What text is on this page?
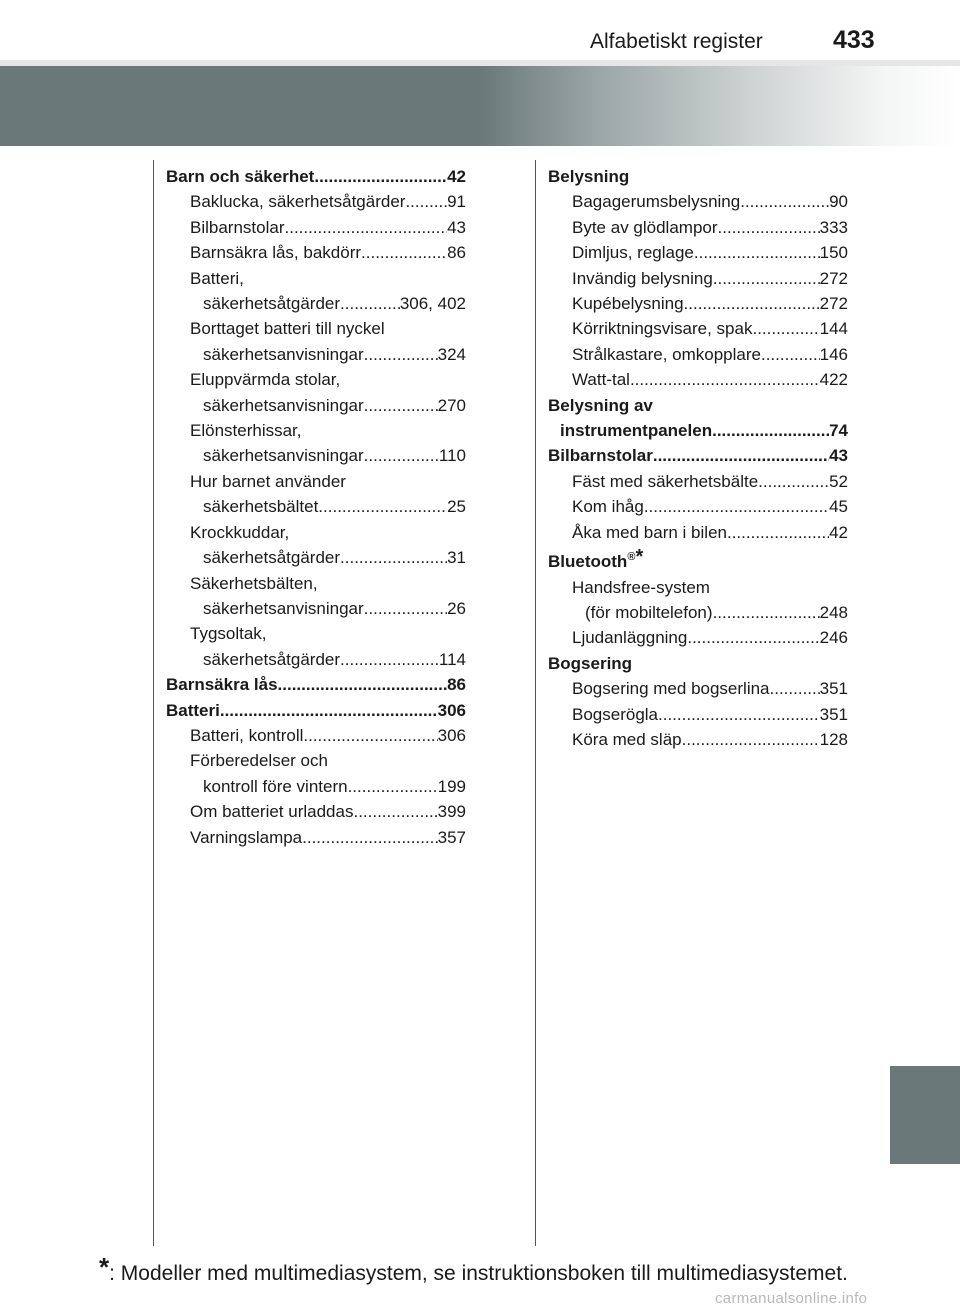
Alfabetiskt register	433
Barn och säkerhet .....	42
Baklucka, säkerhetsåtgärder ..... 91
Bilbarnstolar .....	43
Barnsäkra lås, bakdörr .....	86
Batteri,
säkerhetsåtgärder .....	306, 402
Borttaget batteri till nyckel
säkerhetsanvisningar .....	324
Eluppvärmda stolar,
säkerhetsanvisningar .....	270
Elönsterhissar,
säkerhetsanvisningar .....	110
Hur barnet använder
säkerhetsbältet .....	25
Krockkuddar,
säkerhetsåtgärder .....	31
Säkerhetsbälten,
säkerhetsanvisningar .....	26
Tygsoltak,
säkerhetsåtgärder .....	114
Barnsäkra lås .....	86
Batteri .....	306
Batteri, kontroll .....	306
Förberedelser och
kontroll före vintern .....	199
Om batteriet urladdas .....	399
Varningslampa .....	357
Belysning
Bagagerumsbelysning .....	90
Byte av glödlampor .....	333
Dimljus, reglage .....	150
Invändig belysning .....	272
Kupébelysning .....	272
Körriktningsvisare, spak .....	144
Strålkastare, omkopplare .....	146
Watt-tal .....	422
Belysning av
instrumentpanelen .....	74
Bilbarnstolar .....	43
Fäst med säkerhetsbälte .....	52
Kom ihåg .....	45
Åka med barn i bilen .....	42
Bluetooth®*
Handsfree-system
(för mobiltelefon) .....	248
Ljudanläggning .....	246
Bogsering
Bogsering med bogserlina .....	351
Bogserögla .....	351
Köra med släp .....	128
*: Modeller med multimediasystem, se instruktionsboken till multimediasystemet.
carmanualsonline.info
